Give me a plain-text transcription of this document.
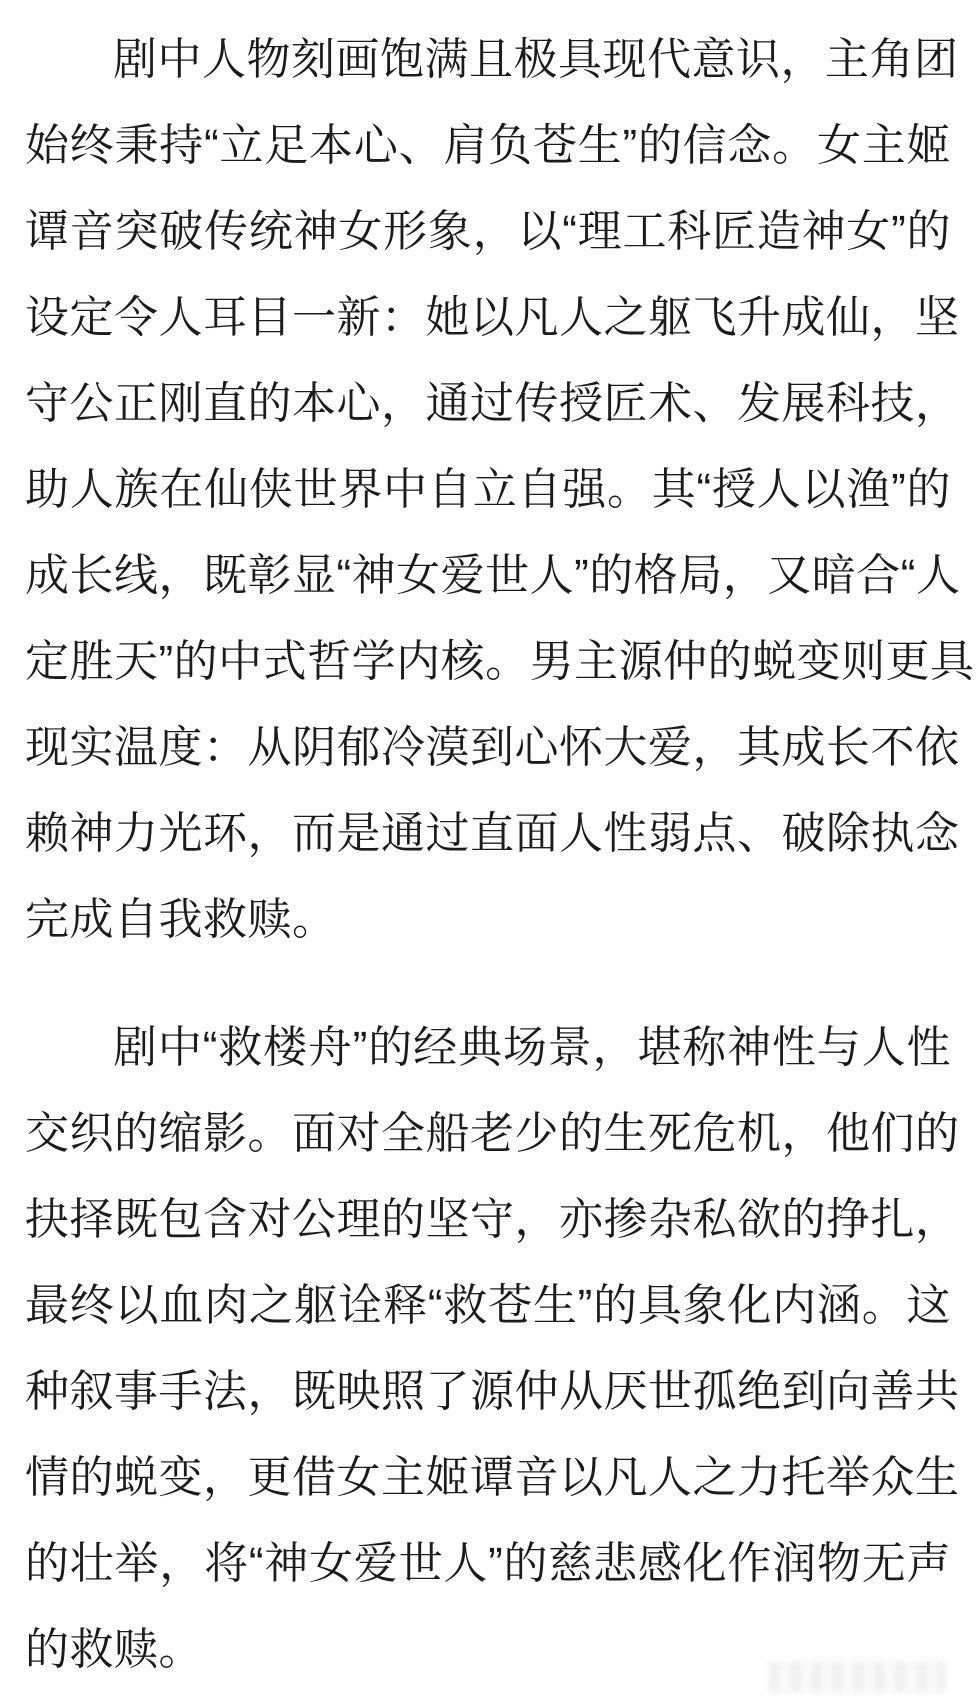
剧中人物刻画饱满且极具现代意识，主角团
始终秉持“立足本心、肩负苍生”的信念。女主姬
谭音突破传统神女形象，以“理工科匠造神女”的
设定令人耳目一新：她以凡人之躯飞升成仙，坚
守公正刚直的本心，通过传授匠术、发展科技，
助人族在仙侠世界中自立自强。其“授人以渔”的
成长线，既彰显“神女爱世人”的格局，又暗合“人
定胜天”的中式哲学内核。男主源仲的蜕变则更具
现实温度：从阴郁冷漠到心怀大爱，其成长不依
赖神力光环，而是通过直面人性弱点、破除执念
完成自我救赎。
剧中“救楼舟”的经典场景，堪称神性与人性
交织的缩影。面对全船老少的生死危机，他们的
抉择既包含对公理的坚守，亦掺杂私欲的挣扎，
最终以血肉之躯诠释“救苍生”的具象化内涵。这
种叙事手法，既映照了源仲从厌世孤绝到向善共
情的蜕变，更借女主姬谭音以凡人之力托举众生
的壮举，将“神女爱世人”的慈悲感化作润物无声
的救赎。
